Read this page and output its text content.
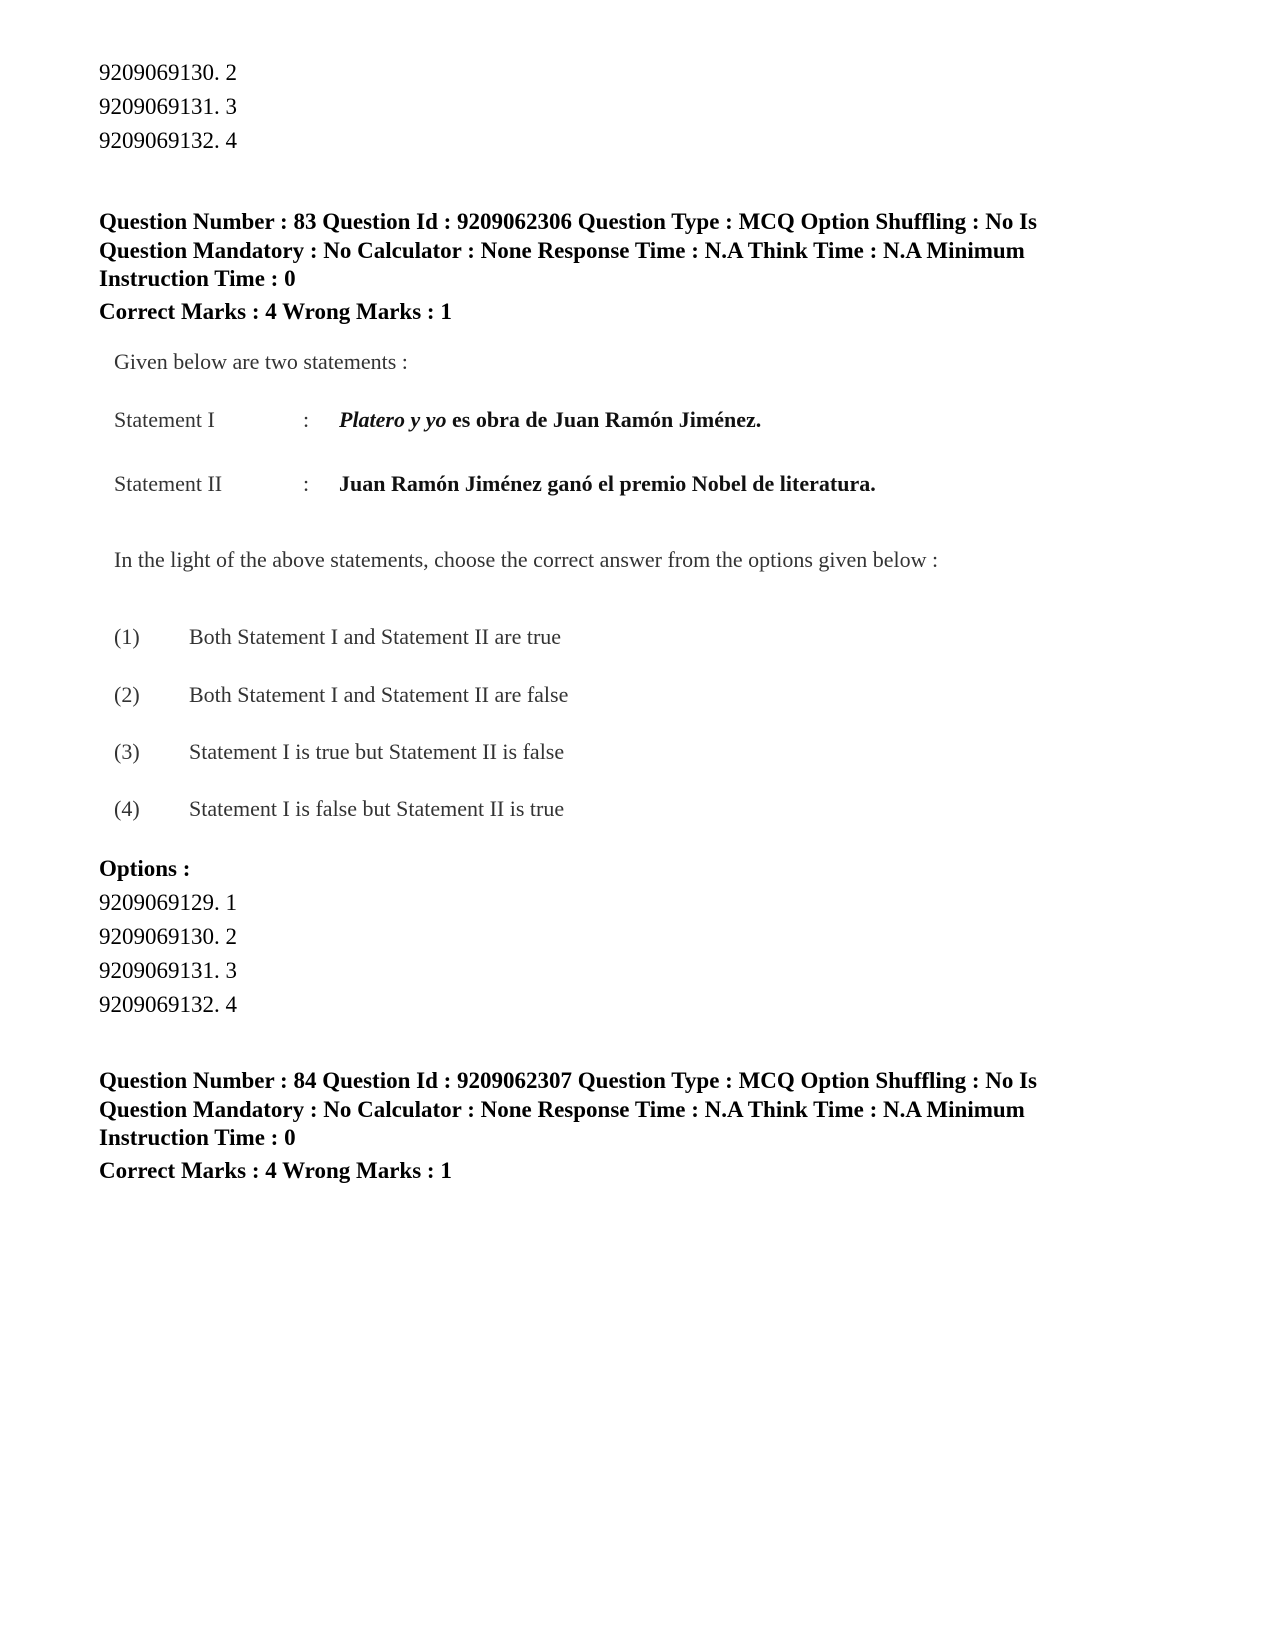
9209069130. 2
9209069131. 3
9209069132. 4
Question Number : 83 Question Id : 9209062306 Question Type : MCQ Option Shuffling : No Is
Question Mandatory : No Calculator : None Response Time : N.A Think Time : N.A Minimum
Instruction Time : 0
Correct Marks : 4 Wrong Marks : 1
Given below are two statements :
Statement I	: Platero y yo es obra de Juan Ramón Jiménez.
Statement II	: Juan Ramón Jiménez ganó el premio Nobel de literatura.
In the light of the above statements, choose the correct answer from the options given below :
(1) Both Statement I and Statement II are true
(2) Both Statement I and Statement II are false
(3) Statement I is true but Statement II is false
(4) Statement I is false but Statement II is true
Options :
9209069129. 1
9209069130. 2
9209069131. 3
9209069132. 4
Question Number : 84 Question Id : 9209062307 Question Type : MCQ Option Shuffling : No Is
Question Mandatory : No Calculator : None Response Time : N.A Think Time : N.A Minimum
Instruction Time : 0
Correct Marks : 4 Wrong Marks : 1
